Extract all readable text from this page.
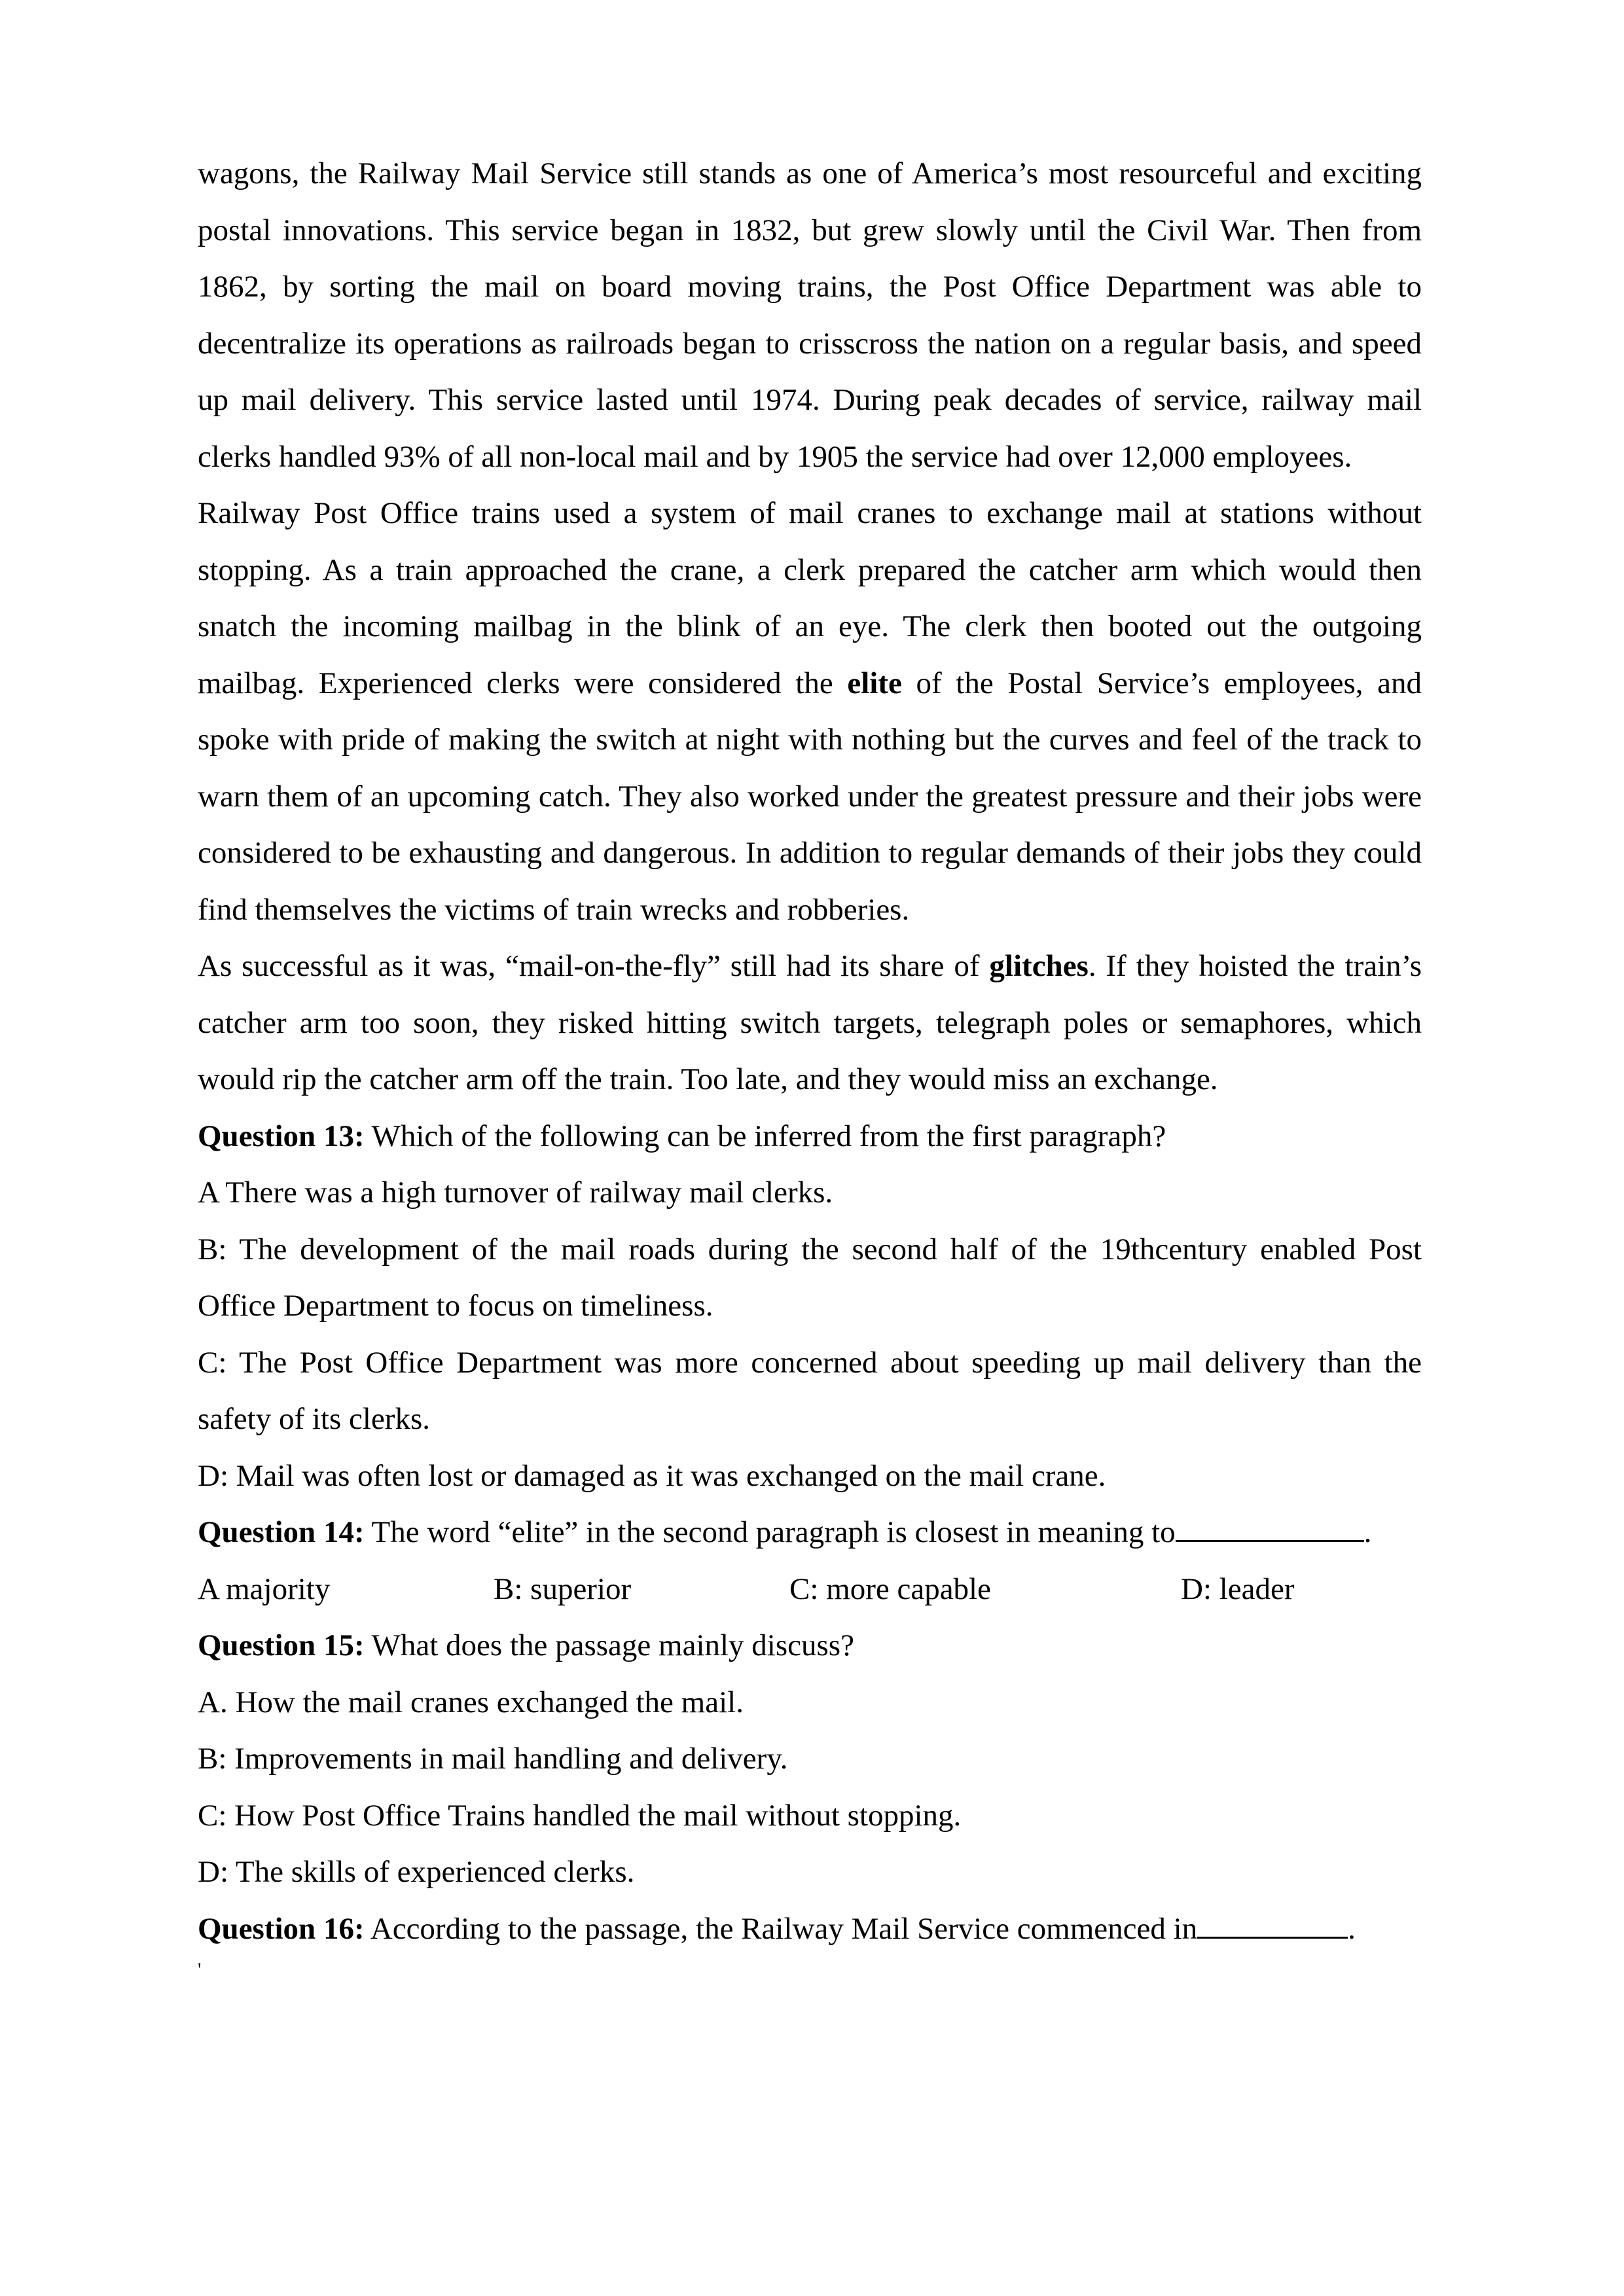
wagons, the Railway Mail Service still stands as one of America’s most resourceful and exciting postal innovations. This service began in 1832, but grew slowly until the Civil War. Then from 1862, by sorting the mail on board moving trains, the Post Office Department was able to decentralize its operations as railroads began to crisscross the nation on a regular basis, and speed up mail delivery. This service lasted until 1974. During peak decades of service, railway mail clerks handled 93% of all non-local mail and by 1905 the service had over 12,000 employees.

Railway Post Office trains used a system of mail cranes to exchange mail at stations without stopping. As a train approached the crane, a clerk prepared the catcher arm which would then snatch the incoming mailbag in the blink of an eye. The clerk then booted out the outgoing mailbag. Experienced clerks were considered the elite of the Postal Service’s employees, and spoke with pride of making the switch at night with nothing but the curves and feel of the track to warn them of an upcoming catch. They also worked under the greatest pressure and their jobs were considered to be exhausting and dangerous. In addition to regular demands of their jobs they could find themselves the victims of train wrecks and robberies.

As successful as it was, “mail-on-the-fly” still had its share of glitches. If they hoisted the train’s catcher arm too soon, they risked hitting switch targets, telegraph poles or semaphores, which would rip the catcher arm off the train. Too late, and they would miss an exchange.

Question 13: Which of the following can be inferred from the first paragraph?

A There was a high turnover of railway mail clerks.

B: The development of the mail roads during the second half of the 19thcentury enabled Post Office Department to focus on timeliness.

C: The Post Office Department was more concerned about speeding up mail delivery than the safety of its clerks.

D: Mail was often lost or damaged as it was exchanged on the mail crane.

Question 14: The word “elite” in the second paragraph is closest in meaning to	.

A majority	B: superior	C: more capable	D: leader

Question 15: What does the passage mainly discuss?

A. How the mail cranes exchanged the mail.

B: Improvements in mail handling and delivery.

C: How Post Office Trains handled the mail without stopping.

D: The skills of experienced clerks.

Question 16: According to the passage, the Railway Mail Service commenced in	.

'
